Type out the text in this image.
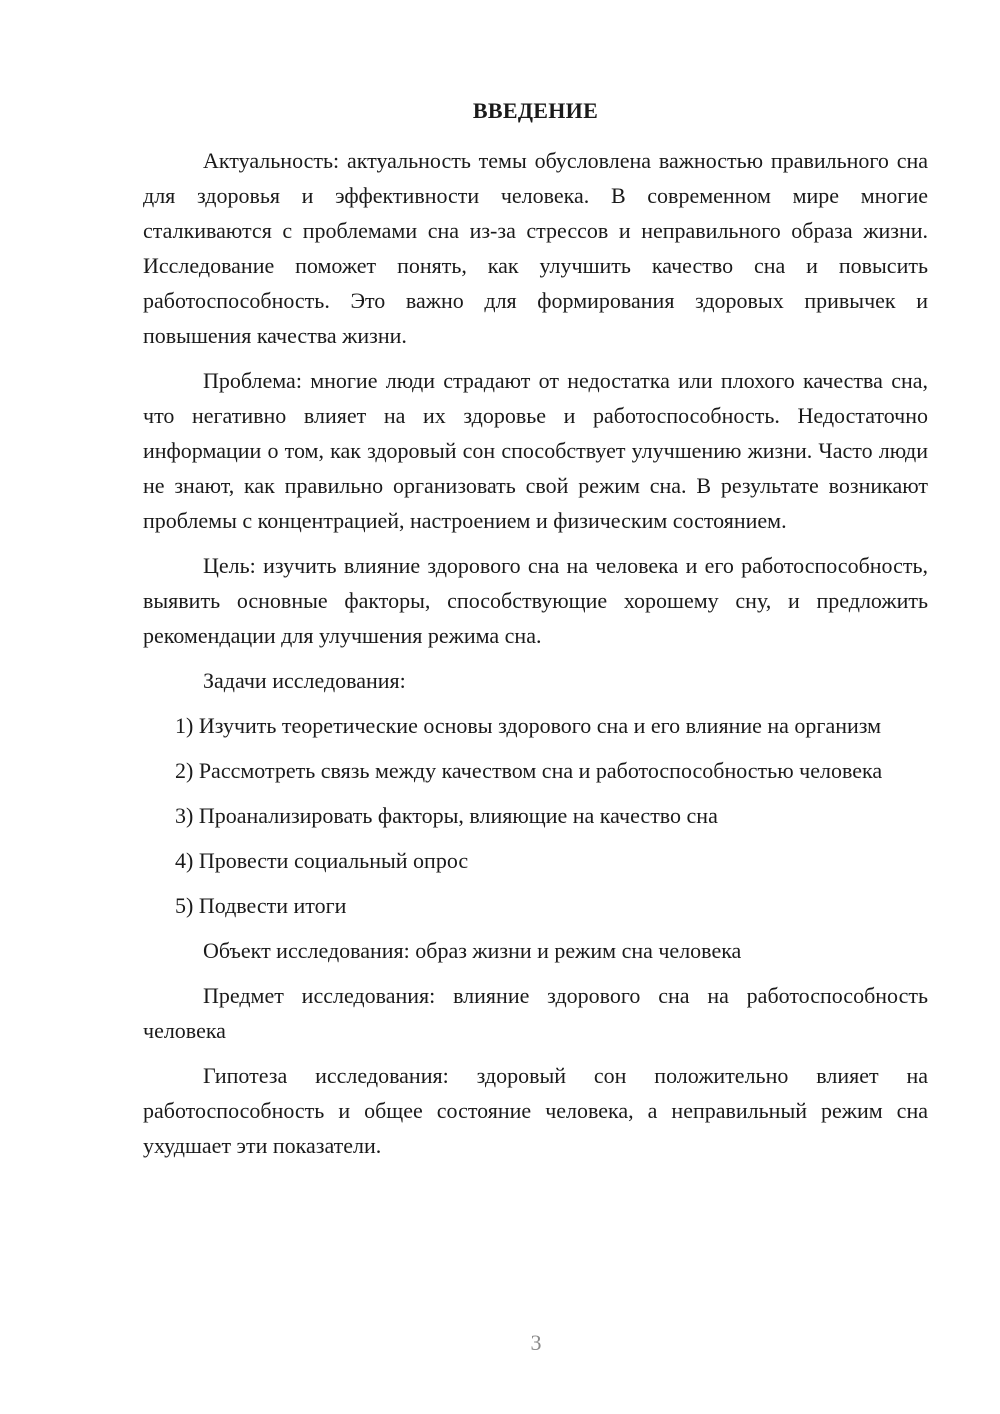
ВВЕДЕНИЕ

Актуальность: актуальность темы обусловлена важностью правильного сна для здоровья и эффективности человека. В современном мире многие сталкиваются с проблемами сна из-за стрессов и неправильного образа жизни. Исследование поможет понять, как улучшить качество сна и повысить работоспособность. Это важно для формирования здоровых привычек и повышения качества жизни.

Проблема: многие люди страдают от недостатка или плохого качества сна, что негативно влияет на их здоровье и работоспособность. Недостаточно информации о том, как здоровый сон способствует улучшению жизни. Часто люди не знают, как правильно организовать свой режим сна. В результате возникают проблемы с концентрацией, настроением и физическим состоянием.

Цель: изучить влияние здорового сна на человека и его работоспособность, выявить основные факторы, способствующие хорошему сну, и предложить рекомендации для улучшения режима сна.

Задачи исследования:

1) Изучить теоретические основы здорового сна и его влияние на организм

2) Рассмотреть связь между качеством сна и работоспособностью человека

3) Проанализировать факторы, влияющие на качество сна

4) Провести социальный опрос

5) Подвести итоги

Объект исследования: образ жизни и режим сна человека

Предмет исследования: влияние здорового сна на работоспособность человека

Гипотеза исследования: здоровый сон положительно влияет на работоспособность и общее состояние человека, а неправильный режим сна ухудшает эти показатели.

3
